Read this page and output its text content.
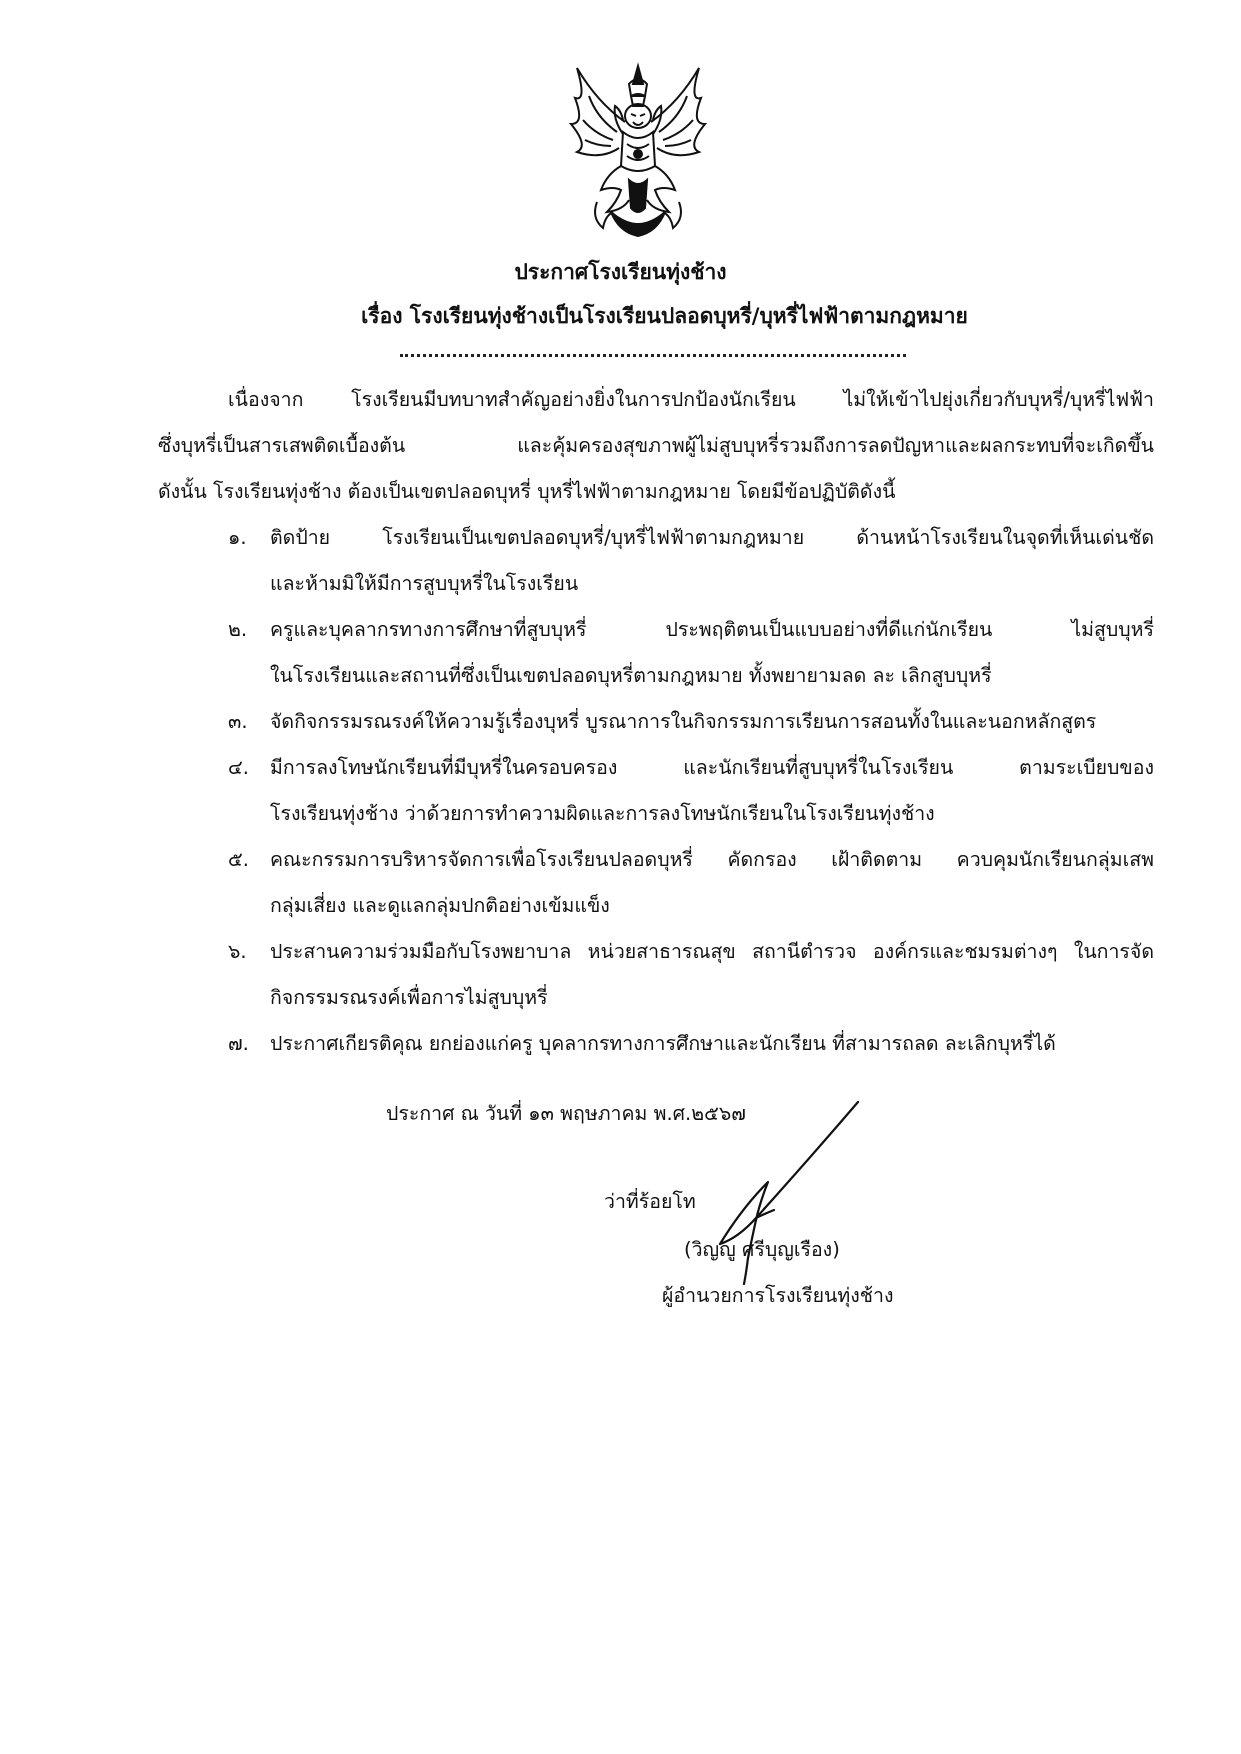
ประกาศโรงเรียนทุ่งช้าง
เรื่อง โรงเรียนทุ่งช้างเป็นโรงเรียนปลอดบุหรี่/บุหรี่ไฟฟ้าตามกฎหมาย
เนื่องจาก โรงเรียนมีบทบาทสำคัญอย่างยิ่งในการปกป้องนักเรียน ไม่ให้เข้าไปยุ่งเกี่ยวกับบุหรี่/บุหรี่ไฟฟ้า
ซึ่งบุหรี่เป็นสารเสพติดเบื้องต้น และคุ้มครองสุขภาพผู้ไม่สูบบุหรี่รวมถึงการลดปัญหาและผลกระทบที่จะเกิดขึ้น
ดังนั้น โรงเรียนทุ่งช้าง ต้องเป็นเขตปลอดบุหรี่ บุหรี่ไฟฟ้าตามกฎหมาย โดยมีข้อปฏิบัติดังนี้
๑. ติดป้าย โรงเรียนเป็นเขตปลอดบุหรี่/บุหรี่ไฟฟ้าตามกฎหมาย ด้านหน้าโรงเรียนในจุดที่เห็นเด่นชัด
และห้ามมิให้มีการสูบบุหรี่ในโรงเรียน
๒. ครูและบุคลากรทางการศึกษาที่สูบบุหรี่ ประพฤติตนเป็นแบบอย่างที่ดีแก่นักเรียน ไม่สูบบุหรี่
ในโรงเรียนและสถานที่ซึ่งเป็นเขตปลอดบุหรี่ตามกฎหมาย ทั้งพยายามลด ละ เลิกสูบบุหรี่
๓. จัดกิจกรรมรณรงค์ให้ความรู้เรื่องบุหรี่ บูรณาการในกิจกรรมการเรียนการสอนทั้งในและนอกหลักสูตร
๔. มีการลงโทษนักเรียนที่มีบุหรี่ในครอบครอง และนักเรียนที่สูบบุหรี่ในโรงเรียน ตามระเบียบของ
โรงเรียนทุ่งช้าง ว่าด้วยการทำความผิดและการลงโทษนักเรียนในโรงเรียนทุ่งช้าง
๕. คณะกรรมการบริหารจัดการเพื่อโรงเรียนปลอดบุหรี่ คัดกรอง เฝ้าติดตาม ควบคุมนักเรียนกลุ่มเสพ
กลุ่มเสี่ยง และดูแลกลุ่มปกติอย่างเข้มแข็ง
๖. ประสานความร่วมมือกับโรงพยาบาล หน่วยสาธารณสุข สถานีตำรวจ องค์กรและชมรมต่างๆ ในการจัด
กิจกรรมรณรงค์เพื่อการไม่สูบบุหรี่
๗. ประกาศเกียรติคุณ ยกย่องแก่ครู บุคลากรทางการศึกษาและนักเรียน ที่สามารถลด ละเลิกบุหรี่ได้
ประกาศ ณ วันที่ ๑๓ พฤษภาคม พ.ศ.๒๕๖๗
ว่าที่ร้อยโท
(วิญญู ศรีบุญเรือง)
ผู้อำนวยการโรงเรียนทุ่งช้าง
